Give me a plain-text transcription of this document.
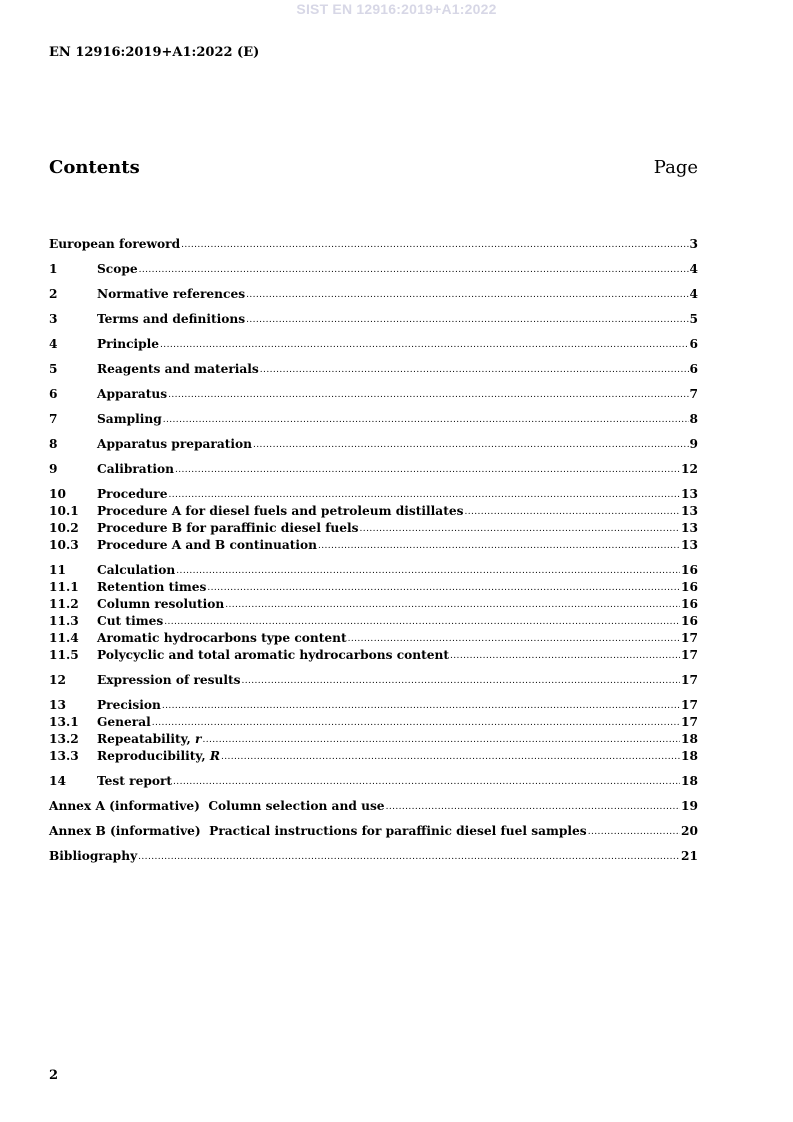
SIST EN 12916:2019+A1:2022
EN 12916:2019+A1:2022 (E)
Contents	Page
European foreword .....	3
1	Scope .....	4
2	Normative references .....	4
3	Terms and definitions .....	5
4	Principle .....	6
5	Reagents and materials .....	6
6	Apparatus .....	7
7	Sampling .....	8
8	Apparatus preparation .....	9
9	Calibration .....	12
10	Procedure .....	13
10.1	Procedure A for diesel fuels and petroleum distillates .....	13
10.2	Procedure B for paraffinic diesel fuels .....	13
10.3	Procedure A and B continuation .....	13
11	Calculation .....	16
11.1	Retention times .....	16
11.2	Column resolution .....	16
11.3	Cut times .....	16
11.4	Aromatic hydrocarbons type content .....	17
11.5	Polycyclic and total aromatic hydrocarbons content .....	17
12	Expression of results .....	17
13	Precision .....	17
13.1	General .....	17
13.2	Repeatability, r .....	18
13.3	Reproducibility, R .....	18
14	Test report .....	18
Annex A (informative)  Column selection and use .....	19
Annex B (informative)  Practical instructions for paraffinic diesel fuel samples .....	20
Bibliography .....	21
2
